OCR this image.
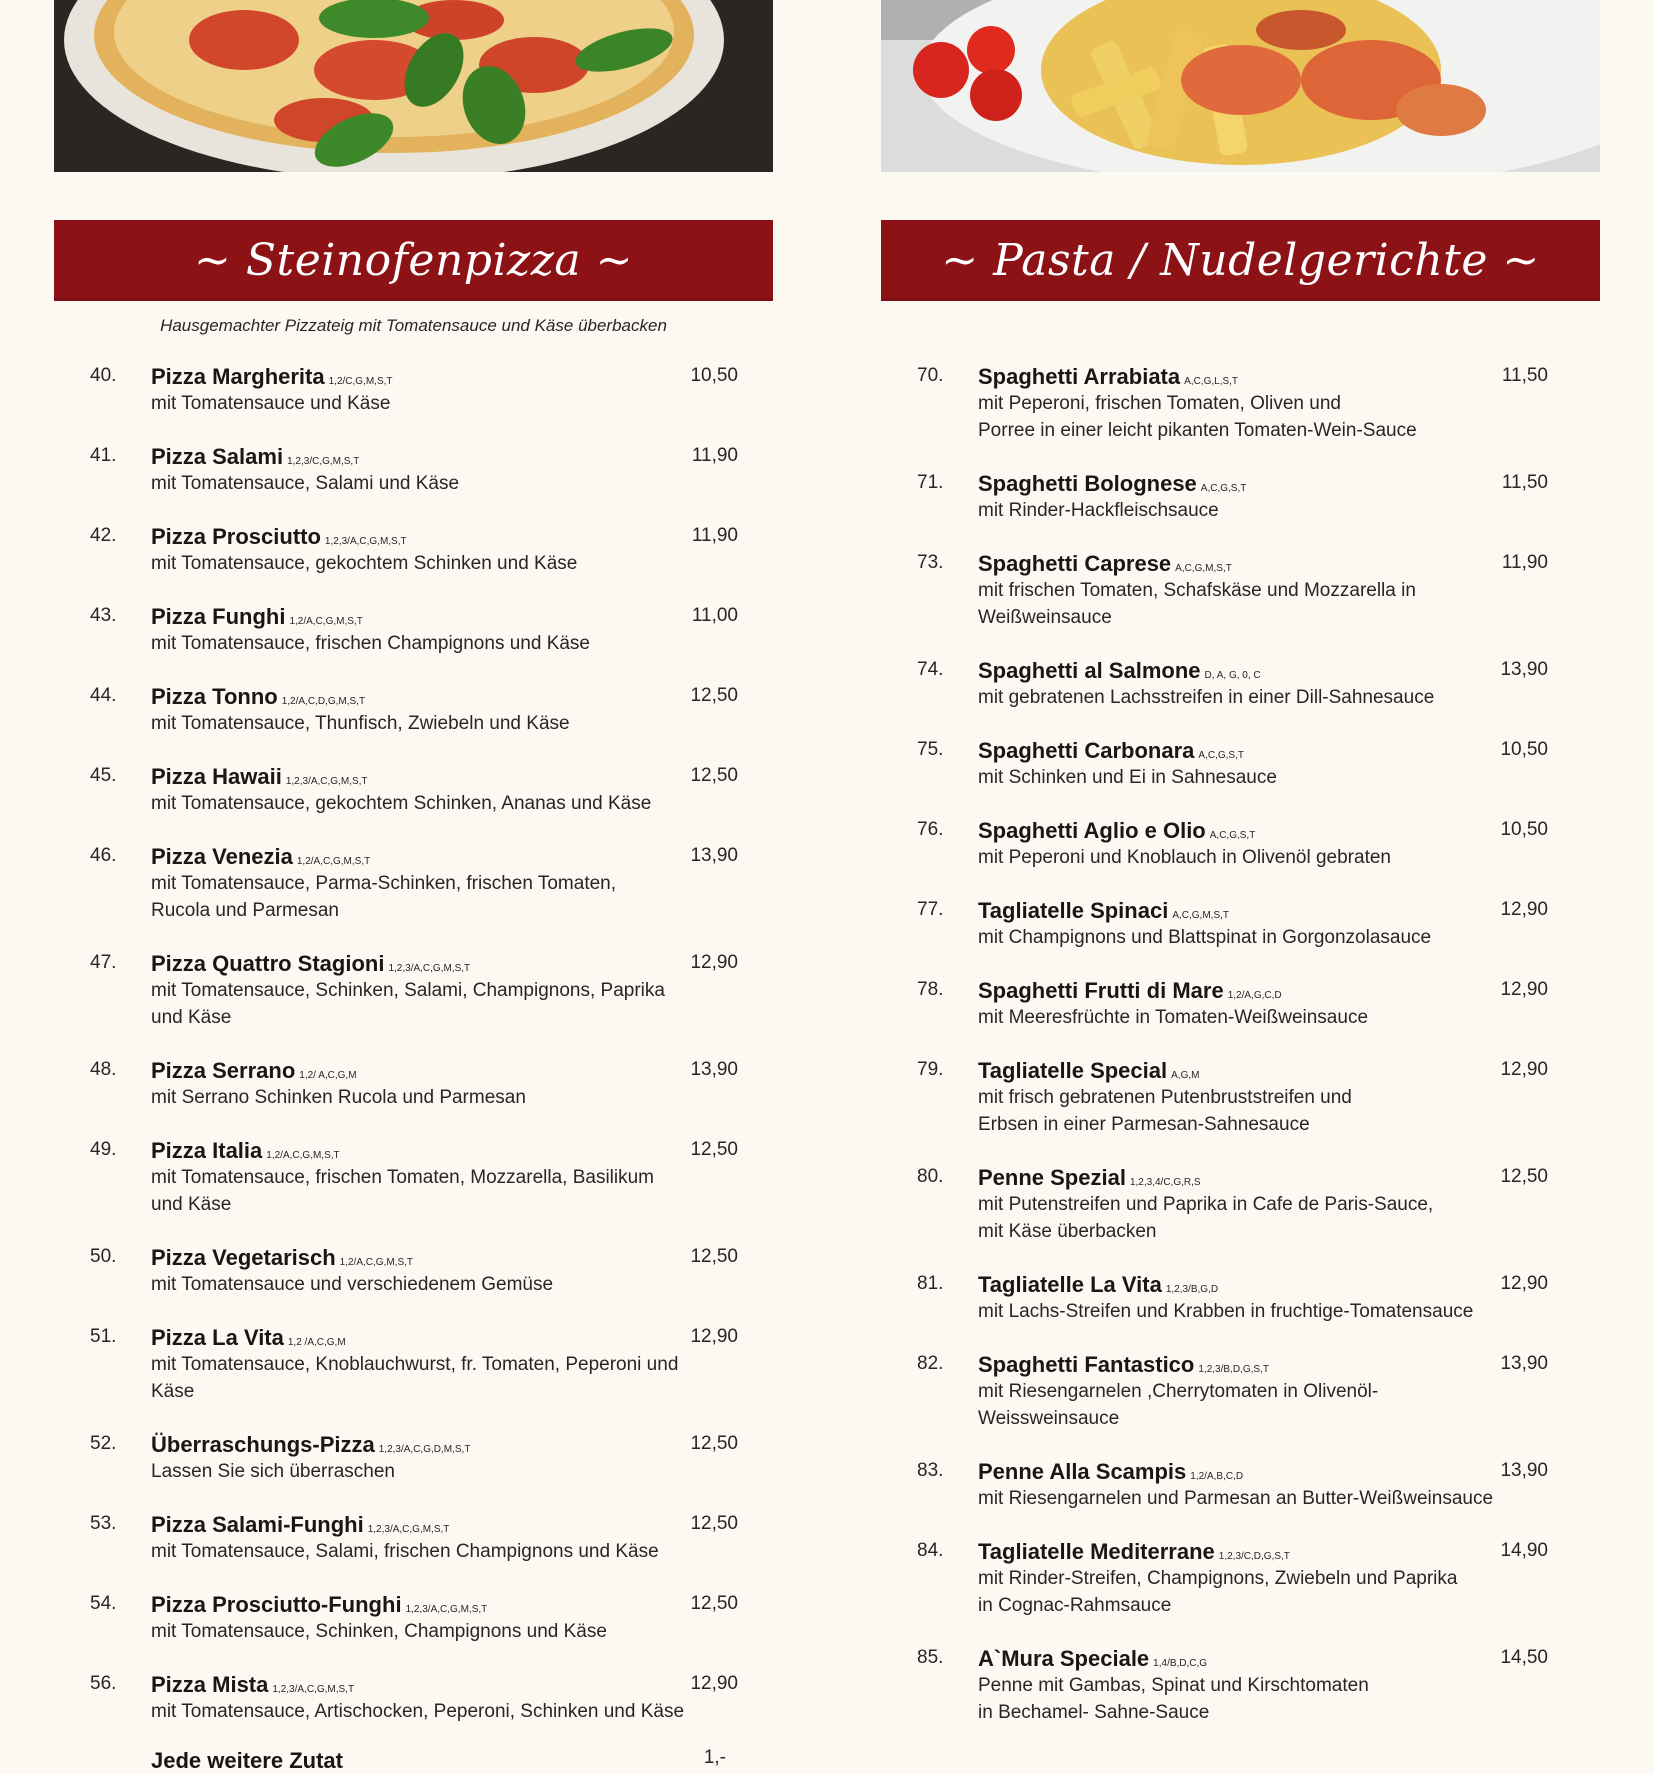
~ Steinofenpizza ~	~ Pasta / Nudelgerichte ~
Hausgemachter Pizzateig mit Tomatensauce und Käse überbacken
40. Pizza Margherita 1,2/C,G,M,S,T
mit Tomatensauce und Käse
10,50
41. Pizza Salami 1,2,3/C,G,M,S,T
mit Tomatensauce, Salami und Käse
11,90
42. Pizza Prosciutto 1,2,3/A,C,G,M,S,T
mit Tomatensauce, gekochtem Schinken und Käse
11,90
43. Pizza Funghi 1,2/A,C,G,M,S,T
mit Tomatensauce, frischen Champignons und Käse
11,00
44. Pizza Tonno 1,2/A,C,D,G,M,S,T
mit Tomatensauce, Thunfisch, Zwiebeln und Käse
12,50
45. Pizza Hawaii 1,2,3/A,C,G,M,S,T
mit Tomatensauce, gekochtem Schinken, Ananas und Käse
12,50
46. Pizza Venezia 1,2/A,C,G,M,S,T
mit Tomatensauce, Parma-Schinken, frischen Tomaten,
Rucola und Parmesan
13,90
47. Pizza Quattro Stagioni 1,2,3/A,C,G,M,S,T
mit Tomatensauce, Schinken, Salami, Champignons, Paprika und Käse
12,90
48. Pizza Serrano 1,2/ A,C,G,M
mit Serrano Schinken Rucola und Parmesan
13,90
49. Pizza Italia 1,2/A,C,G,M,S,T
mit Tomatensauce, frischen Tomaten, Mozzarella, Basilikum und Käse
12,50
50. Pizza Vegetarisch 1,2/A,C,G,M,S,T
mit Tomatensauce und verschiedenem Gemüse
12,50
51. Pizza La Vita 1,2 /A,C,G,M
mit Tomatensauce, Knoblauchwurst, fr. Tomaten, Peperoni und Käse
12,90
52. Überraschungs-Pizza 1,2,3/A,C,G,D,M,S,T
Lassen Sie sich überraschen
12,50
53. Pizza Salami-Funghi 1,2,3/A,C,G,M,S,T
mit Tomatensauce, Salami, frischen Champignons und Käse
12,50
54. Pizza Prosciutto-Funghi 1,2,3/A,C,G,M,S,T
mit Tomatensauce, Schinken, Champignons und Käse
12,50
56. Pizza Mista 1,2,3/A,C,G,M,S,T
mit Tomatensauce, Artischocken, Peperoni, Schinken und Käse
12,90
Jede weitere Zutat	1,-
70. Spaghetti Arrabiata A,C,G,L,S,T
mit Peperoni, frischen Tomaten, Oliven und
Porree in einer leicht pikanten Tomaten-Wein-Sauce
11,50
71. Spaghetti Bolognese A,C,G,S,T
mit Rinder-Hackfleischsauce
11,50
73. Spaghetti Caprese A,C,G,M,S,T
mit frischen Tomaten, Schafskäse und Mozzarella in Weißweinsauce
11,90
74. Spaghetti al Salmone D, A, G, 0, C
mit gebratenen Lachsstreifen in einer Dill-Sahnesauce
13,90
75. Spaghetti Carbonara A,C,G,S,T
mit Schinken und Ei in Sahnesauce
10,50
76. Spaghetti Aglio e Olio A,C,G,S,T
mit Peperoni und Knoblauch in Olivenöl gebraten
10,50
77. Tagliatelle Spinaci A,C,G,M,S,T
mit Champignons und Blattspinat in Gorgonzolasauce
12,90
78. Spaghetti Frutti di Mare 1,2/A,G,C,D
mit Meeresfrüchte in Tomaten-Weißweinsauce
12,90
79. Tagliatelle Special A,G,M
mit frisch gebratenen Putenbruststreifen und
Erbsen in einer Parmesan-Sahnesauce
12,90
80. Penne Spezial 1,2,3,4/C,G,R,S
mit Putenstreifen und Paprika in Cafe de Paris-Sauce,
mit Käse überbacken
12,50
81. Tagliatelle La Vita 1,2,3/B,G,D
mit Lachs-Streifen und Krabben in fruchtige-Tomatensauce
12,90
82. Spaghetti Fantastico 1,2,3/B,D,G,S,T
mit Riesengarnelen ,Cherrytomaten in Olivenöl-Weissweinsauce
13,90
83. Penne Alla Scampis 1,2/A,B,C,D
mit Riesengarnelen und Parmesan an Butter-Weißweinsauce
13,90
84. Tagliatelle Mediterrane 1,2,3/C,D,G,S,T
mit Rinder-Streifen, Champignons, Zwiebeln und Paprika
in Cognac-Rahmsauce
14,90
85. A`Mura Speciale 1,4/B,D,C,G
Penne mit Gambas, Spinat und Kirschtomaten
in Bechamel- Sahne-Sauce
14,50
